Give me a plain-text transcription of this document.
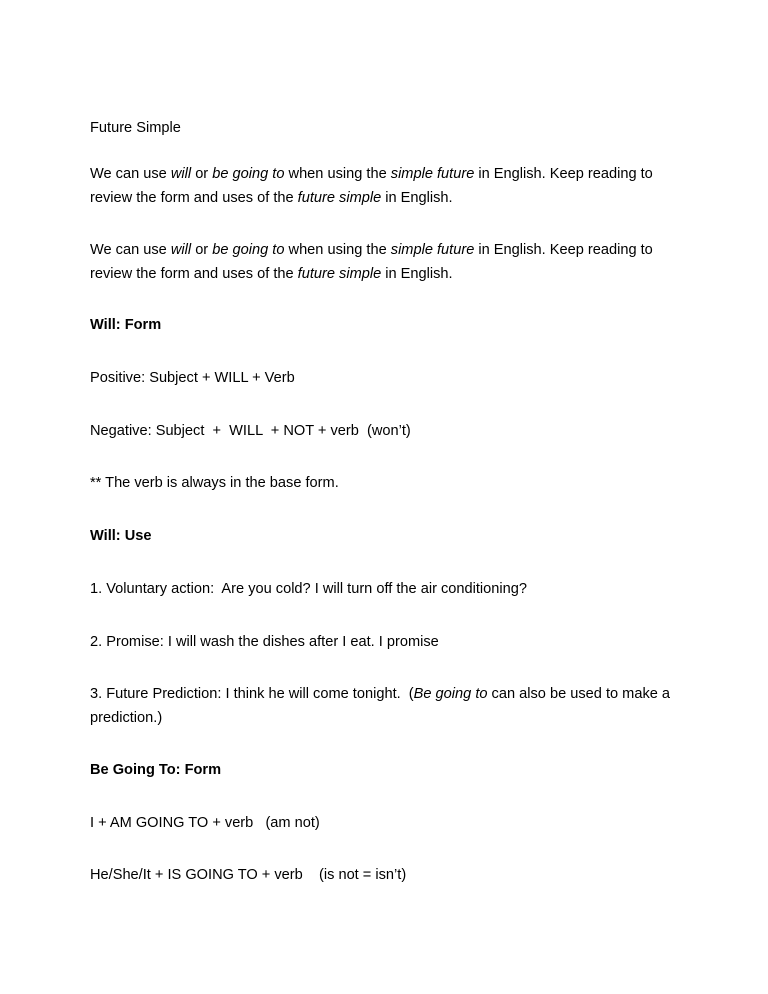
Future Simple

We can use will or be going to when using the simple future in English. Keep reading to review the form and uses of the future simple in English.

We can use will or be going to when using the simple future in English. Keep reading to review the form and uses of the future simple in English.

Will: Form

Positive: Subject + WILL + Verb

Negative: Subject  +  WILL  + NOT + verb  (won’t)

** The verb is always in the base form.

Will: Use

1. Voluntary action:  Are you cold? I will turn off the air conditioning?

2. Promise: I will wash the dishes after I eat. I promise

3. Future Prediction: I think he will come tonight.  (Be going to can also be used to make a prediction.)

Be Going To: Form

I + AM GOING TO + verb   (am not)

He/She/It + IS GOING TO + verb    (is not = isn’t)
